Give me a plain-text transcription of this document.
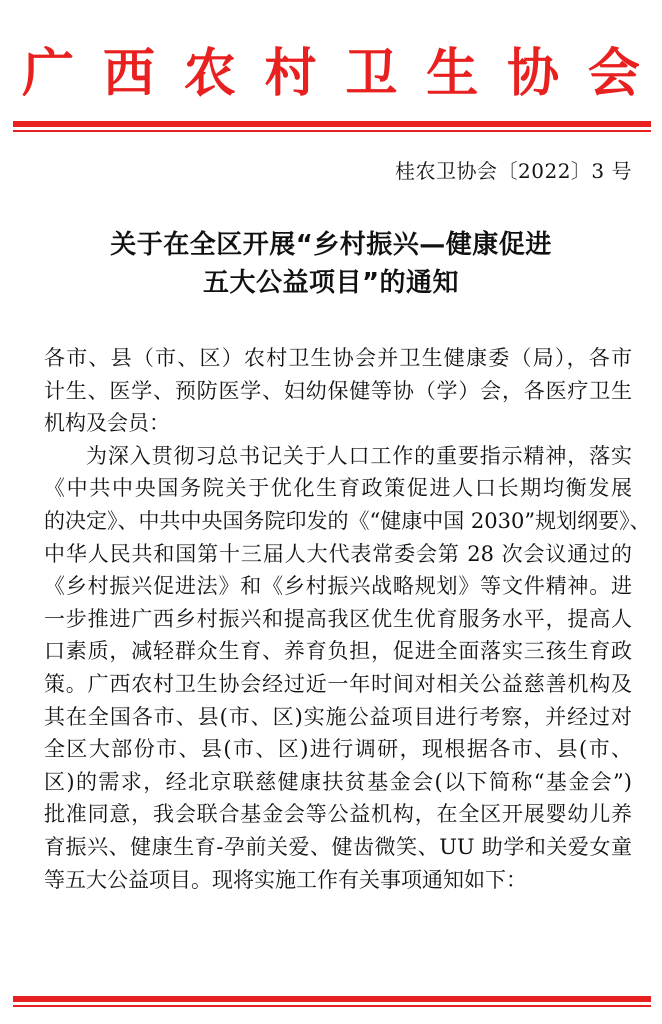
广 西 农 村 卫 生 协 会
桂农卫协会〔2022〕3 号
关于在全区开展“乡村振兴—健康促进
五大公益项目”的通知
各市、县（市、区）农村卫生协会并卫生健康委（局），各市
计生、医学、预防医学、妇幼保健等协（学）会，各医疗卫生
机构及会员：
为深入贯彻习总书记关于人口工作的重要指示精神，落实
《中共中央国务院关于优化生育政策促进人口长期均衡发展
的决定》、中共中央国务院印发的《“健康中国 2030”规划纲要》、
中华人民共和国第十三届人大代表常委会第 28 次会议通过的
《乡村振兴促进法》和《乡村振兴战略规划》等文件精神。进
一步推进广西乡村振兴和提高我区优生优育服务水平，提高人
口素质，减轻群众生育、养育负担，促进全面落实三孩生育政
策。广西农村卫生协会经过近一年时间对相关公益慈善机构及
其在全国各市、县(市、区)实施公益项目进行考察，并经过对
全区大部份市、县(市、区)进行调研，现根据各市、县(市、
区)的需求，经北京联慈健康扶贫基金会(以下简称“基金会”)
批准同意，我会联合基金会等公益机构，在全区开展婴幼儿养
育振兴、健康生育-孕前关爱、健齿微笑、UU 助学和关爱女童
等五大公益项目。现将实施工作有关事项通知如下：
